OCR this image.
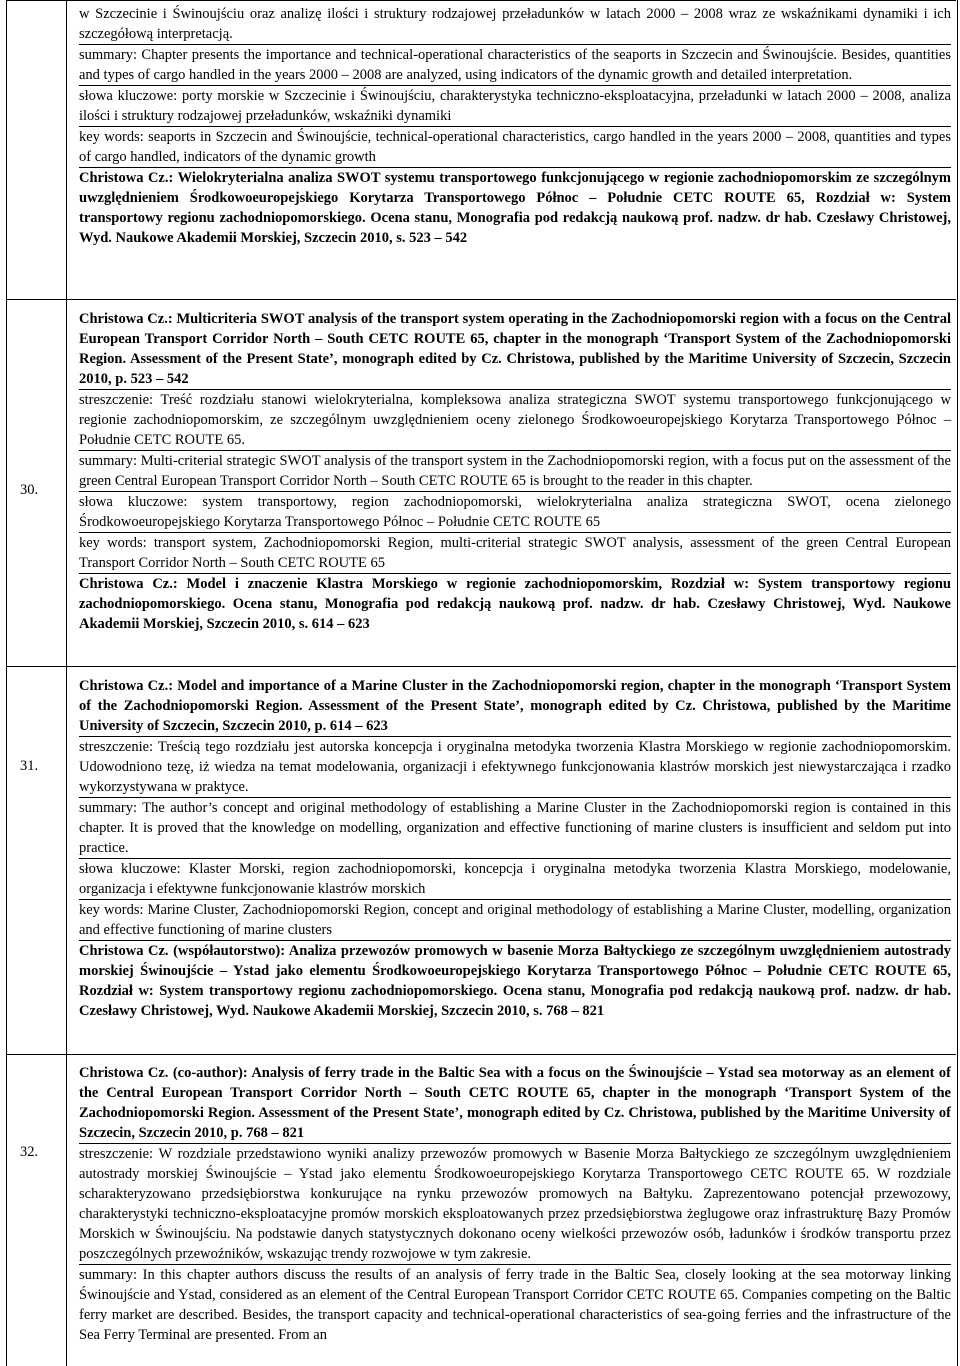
w Szczecinie i Świnoujściu oraz analizę ilości i struktury rodzajowej przeładunków w latach 2000 – 2008 wraz ze wskaźnikami dynamiki i ich szczegółową interpretacją.
summary: Chapter presents the importance and technical-operational characteristics of the seaports in Szczecin and Świnoujście. Besides, quantities and types of cargo handled in the years 2000 – 2008 are analyzed, using indicators of the dynamic growth and detailed interpretation.
słowa kluczowe: porty morskie w Szczecinie i Świnoujściu, charakterystyka techniczno-eksploatacyjna, przeładunki w latach 2000 – 2008, analiza ilości i struktury rodzajowej przeładunków, wskaźniki dynamiki
key words: seaports in Szczecin and Świnoujście, technical-operational characteristics, cargo handled in the years 2000 – 2008, quantities and types of cargo handled, indicators of the dynamic growth
Christowa Cz.: Wielokryterialna analiza SWOT systemu transportowego funkcjonującego w regionie zachodniopomorskim ze szczególnym uwzględnieniem Środkowoeuropejskiego Korytarza Transportowego Północ – Południe CETC ROUTE 65, Rozdział w: System transportowy regionu zachodniopomorskiego. Ocena stanu, Monografia pod redakcją naukową prof. nadzw. dr hab. Czesławy Christowej, Wyd. Naukowe Akademii Morskiej, Szczecin 2010, s. 523 – 542
30.
Christowa Cz.: Multicriteria SWOT analysis of the transport system operating in the Zachodniopomorski region with a focus on the Central European Transport Corridor North – South CETC ROUTE 65, chapter in the monograph ‘Transport System of the Zachodniopomorski Region. Assessment of the Present State’, monograph edited by Cz. Christowa, published by the Maritime University of Szczecin, Szczecin 2010, p. 523 – 542
streszczenie: Treść rozdziału stanowi wielokryterialna, kompleksowa analiza strategiczna SWOT systemu transportowego funkcjonującego w regionie zachodniopomorskim, ze szczególnym uwzględnieniem oceny zielonego Środkowoeuropejskiego Korytarza Transportowego Północ – Południe CETC ROUTE 65.
summary: Multi-criterial strategic SWOT analysis of the transport system in the Zachodniopomorski region, with a focus put on the assessment of the green Central European Transport Corridor North – South CETC ROUTE 65 is brought to the reader in this chapter.
słowa kluczowe: system transportowy, region zachodniopomorski, wielokryterialna analiza strategiczna SWOT, ocena zielonego Środkowoeuropejskiego Korytarza Transportowego Północ – Południe CETC ROUTE 65
key words: transport system, Zachodniopomorski Region, multi-criterial strategic SWOT analysis, assessment of the green Central European Transport Corridor North – South CETC ROUTE 65
Christowa Cz.: Model i znaczenie Klastra Morskiego w regionie zachodniopomorskim, Rozdział w: System transportowy regionu zachodniopomorskiego. Ocena stanu, Monografia pod redakcją naukową prof. nadzw. dr hab. Czesławy Christowej, Wyd. Naukowe Akademii Morskiej, Szczecin 2010, s. 614 – 623
31.
Christowa Cz.: Model and importance of a Marine Cluster in the Zachodniopomorski region, chapter in the monograph ‘Transport System of the Zachodniopomorski Region. Assessment of the Present State’, monograph edited by Cz. Christowa, published by the Maritime University of Szczecin, Szczecin 2010, p. 614 – 623
streszczenie: Treścią tego rozdziału jest autorska koncepcja i oryginalna metodyka tworzenia Klastra Morskiego w regionie zachodniopomorskim. Udowodniono tezę, iż wiedza na temat modelowania, organizacji i efektywnego funkcjonowania klastrów morskich jest niewystarczająca i rzadko wykorzystywana w praktyce.
summary: The author’s concept and original methodology of establishing a Marine Cluster in the Zachodniopomorski region is contained in this chapter. It is proved that the knowledge on modelling, organization and effective functioning of marine clusters is insufficient and seldom put into practice.
słowa kluczowe: Klaster Morski, region zachodniopomorski, koncepcja i oryginalna metodyka tworzenia Klastra Morskiego, modelowanie, organizacja i efektywne funkcjonowanie klastrów morskich
key words: Marine Cluster, Zachodniopomorski Region, concept and original methodology of establishing a Marine Cluster, modelling, organization and effective functioning of marine clusters
Christowa Cz. (współautorstwo): Analiza przewozów promowych w basenie Morza Bałtyckiego ze szczególnym uwzględnieniem autostrady morskiej Świnoujście – Ystad jako elementu Środkowoeuropejskiego Korytarza Transportowego Północ – Południe CETC ROUTE 65, Rozdział w: System transportowy regionu zachodniopomorskiego. Ocena stanu, Monografia pod redakcją naukową prof. nadzw. dr hab. Czesławy Christowej, Wyd. Naukowe Akademii Morskiej, Szczecin 2010, s. 768 – 821
32.
Christowa Cz. (co-author): Analysis of ferry trade in the Baltic Sea with a focus on the Świnoujście – Ystad sea motorway as an element of the Central European Transport Corridor North – South CETC ROUTE 65, chapter in the monograph ‘Transport System of the Zachodniopomorski Region. Assessment of the Present State’, monograph edited by Cz. Christowa, published by the Maritime University of Szczecin, Szczecin 2010, p. 768 – 821
streszczenie: W rozdziale przedstawiono wyniki analizy przewozów promowych w Basenie Morza Bałtyckiego ze szczególnym uwzględnieniem autostrady morskiej Świnoujście – Ystad jako elementu Środkowoeuropejskiego Korytarza Transportowego CETC ROUTE 65. W rozdziale scharakteryzowano przedsiębiorstwa konkurujące na rynku przewozów promowych na Bałtyku. Zaprezentowano potencjał przewozowy, charakterystyki techniczno-eksploatacyjne promów morskich eksploatowanych przez przedsiębiorstwa żeglugowe oraz infrastrukturę Bazy Promów Morskich w Świnoujściu. Na podstawie danych statystycznych dokonano oceny wielkości przewozów osób, ładunków i środków transportu przez poszczególnych przewoźników, wskazując trendy rozwojowe w tym zakresie.
summary: In this chapter authors discuss the results of an analysis of ferry trade in the Baltic Sea, closely looking at the sea motorway linking Świnoujście and Ystad, considered as an element of the Central European Transport Corridor CETC ROUTE 65. Companies competing on the Baltic ferry market are described. Besides, the transport capacity and technical-operational characteristics of sea-going ferries and the infrastructure of the Sea Ferry Terminal are presented. From an
